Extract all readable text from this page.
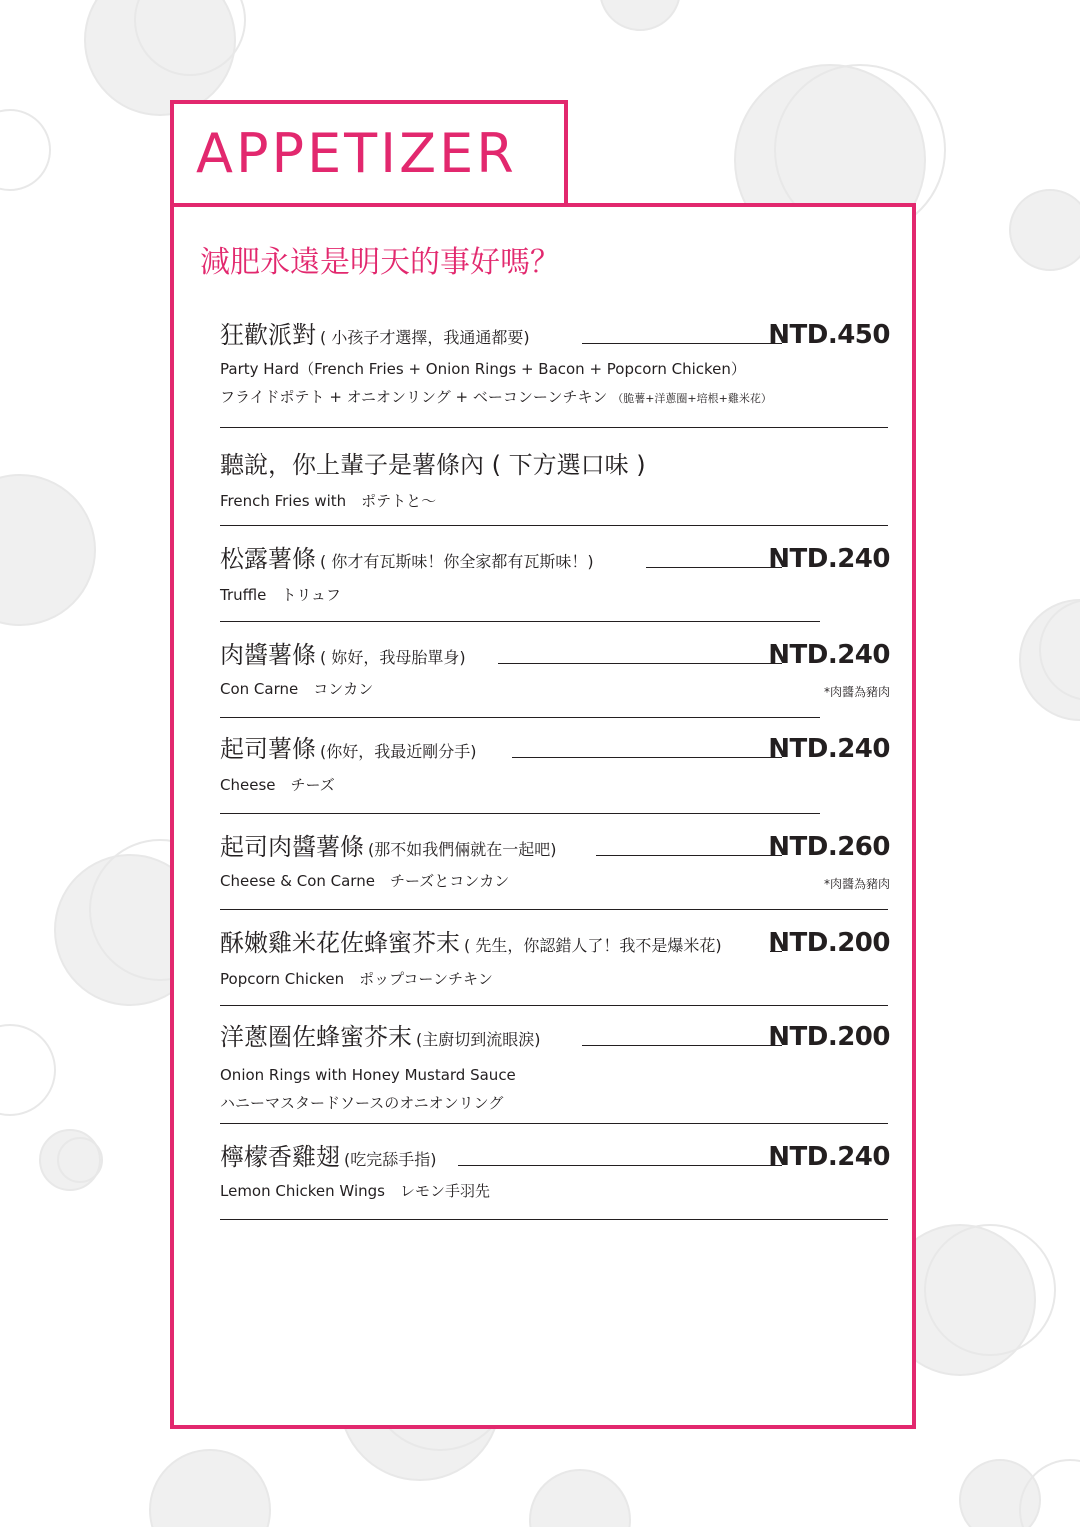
APPETIZER
減肥永遠是明天的事好嗎？
狂歡派對 ( 小孩子才選擇，我通通都要)	NTD.450
Party Hard（French Fries + Onion Rings + Bacon + Popcorn Chicken）
フライドポテト + オニオンリング + ベーコンーンチキン （脆薯+洋蔥圈+培根+雞米花）
聽說，你上輩子是薯條內 ( 下方選口味 )
French Fries with　ポテトと～
松露薯條 ( 你才有瓦斯味！你全家都有瓦斯味！)	NTD.240
Truffle　トリュフ
肉醬薯條 ( 妳好，我母胎單身)	NTD.240
Con Carne　コンカン	*肉醬為豬肉
起司薯條 (你好，我最近剛分手)	NTD.240
Cheese　チーズ
起司肉醬薯條 (那不如我們倆就在一起吧)	NTD.260
Cheese & Con Carne　チーズとコンカン	*肉醬為豬肉
酥嫩雞米花佐蜂蜜芥末 ( 先生，你認錯人了！我不是爆米花) NTD.200
Popcorn Chicken　ポップコーンチキン
洋蔥圈佐蜂蜜芥末 (主廚切到流眼淚)	NTD.200
Onion Rings with Honey Mustard Sauce
ハニーマスタードソースのオニオンリング
檸檬香雞翅 (吃完舔手指)	NTD.240
Lemon Chicken Wings　レモン手羽先
